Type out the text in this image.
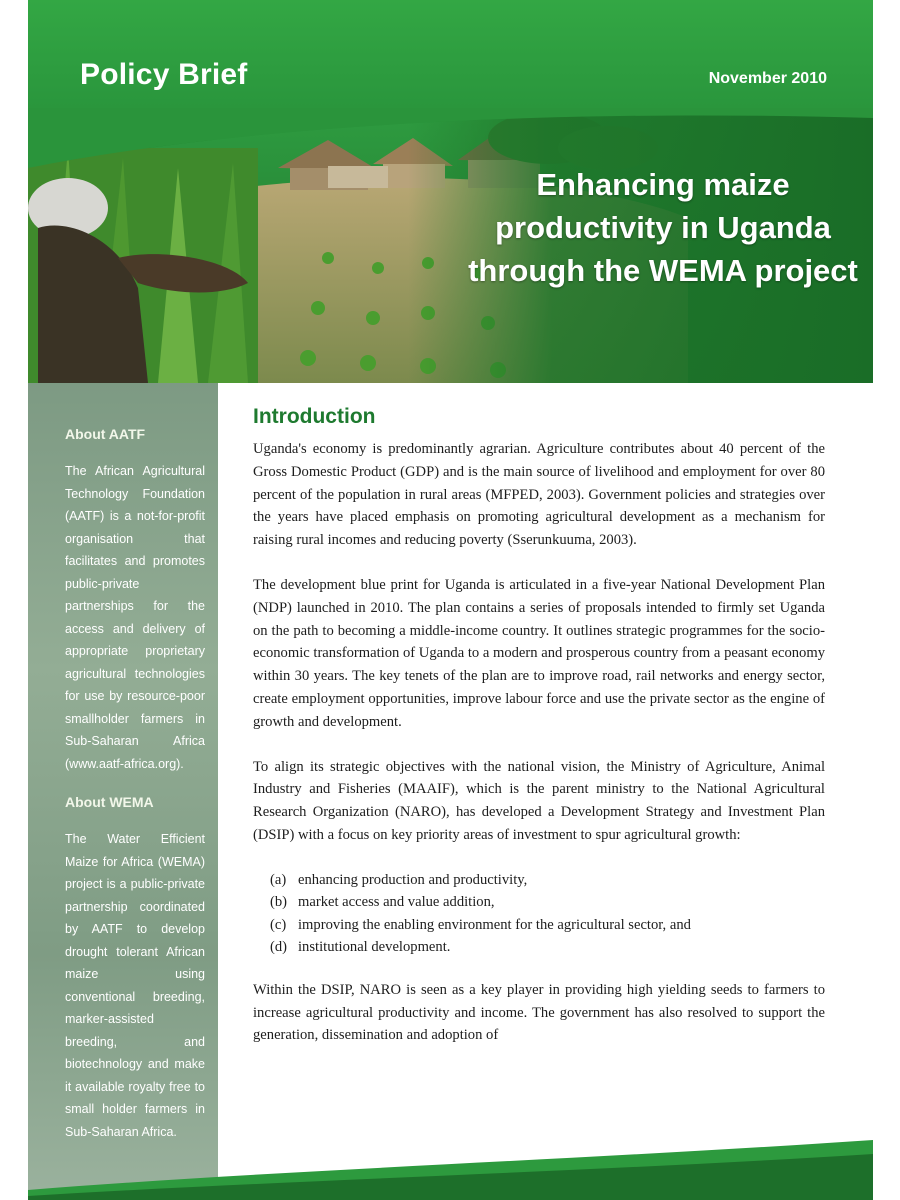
Policy Brief	November 2010
Enhancing maize productivity in Uganda through the WEMA project
About AATF
The African Agricultural Technology Foundation (AATF) is a not-for-profit organisation that facilitates and promotes public-private partnerships for the access and delivery of appropriate proprietary agricultural technologies for use by resource-poor smallholder farmers in Sub-Saharan Africa (www.aatf-africa.org).
About WEMA
The Water Efficient Maize for Africa (WEMA) project is a public-private partnership coordinated by AATF to develop drought tolerant African maize using conventional breeding, marker-assisted breeding, and biotechnology and make it available royalty free to small holder farmers in Sub-Saharan Africa.
Introduction

Uganda's economy is predominantly agrarian. Agriculture contributes about 40 percent of the Gross Domestic Product (GDP) and is the main source of livelihood and employment for over 80 percent of the population in rural areas (MFPED, 2003). Government policies and strategies over the years have placed emphasis on promoting agricultural development as a mechanism for raising rural incomes and reducing poverty (Sserunkuuma, 2003).

The development blue print for Uganda is articulated in a five-year National Development Plan (NDP) launched in 2010. The plan contains a series of proposals intended to firmly set Uganda on the path to becoming a middle-income country. It outlines strategic programmes for the socio-economic transformation of Uganda to a modern and prosperous country from a peasant economy within 30 years. The key tenets of the plan are to improve road, rail networks and energy sector, create employment opportunities, improve labour force and use the private sector as the engine of growth and development.

To align its strategic objectives with the national vision, the Ministry of Agriculture, Animal Industry and Fisheries (MAAIF), which is the parent ministry to the National Agricultural Research Organization (NARO), has developed a Development Strategy and Investment Plan (DSIP) with a focus on key priority areas of investment to spur agricultural growth:

(a) enhancing production and productivity,
(b) market access and value addition,
(c) improving the enabling environment for the agricultural sector, and
(d) institutional development.

Within the DSIP, NARO is seen as a key player in providing high yielding seeds to farmers to increase agricultural productivity and income. The government has also resolved to support the generation, dissemination and adoption of
